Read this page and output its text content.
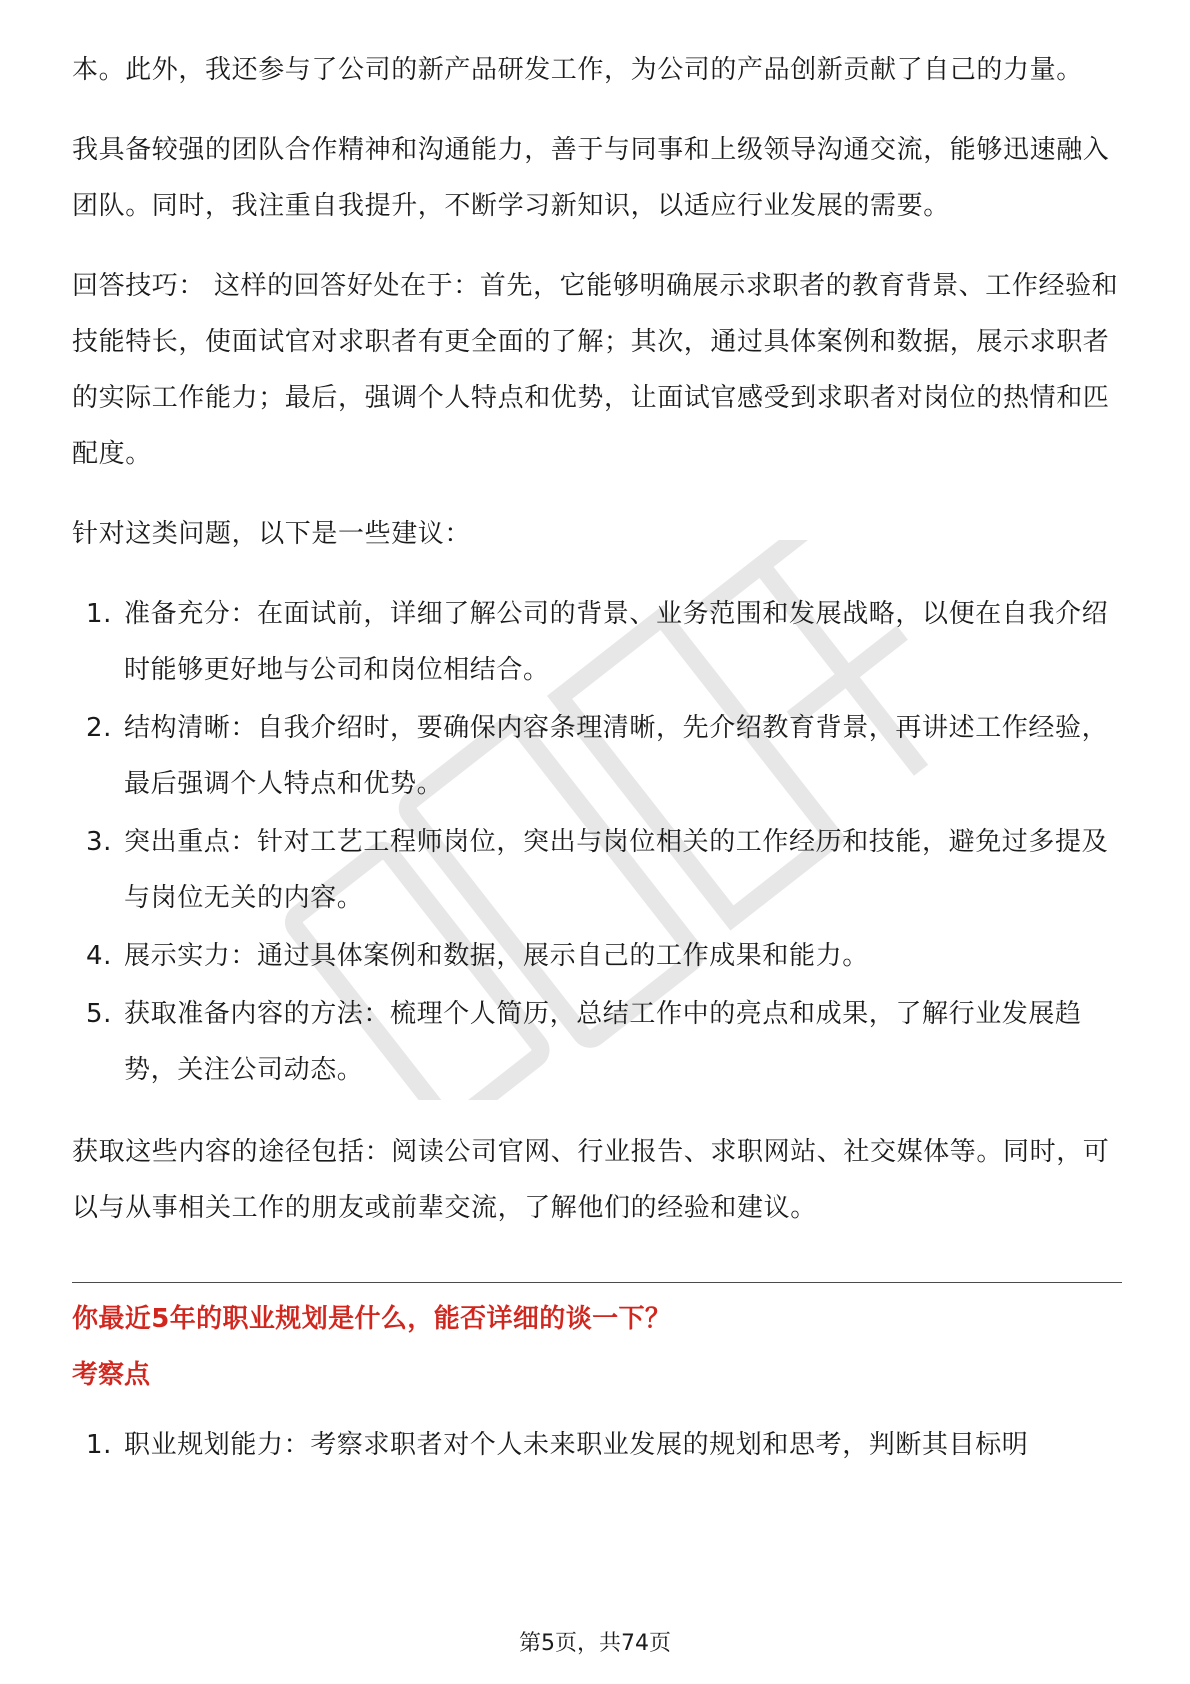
本。此外，我还参与了公司的新产品研发工作，为公司的产品创新贡献了自己的力量。

我具备较强的团队合作精神和沟通能力，善于与同事和上级领导沟通交流，能够迅速融入团队。同时，我注重自我提升，不断学习新知识，以适应行业发展的需要。

回答技巧： 这样的回答好处在于：首先，它能够明确展示求职者的教育背景、工作经验和技能特长，使面试官对求职者有更全面的了解；其次，通过具体案例和数据，展示求职者的实际工作能力；最后，强调个人特点和优势，让面试官感受到求职者对岗位的热情和匹配度。

针对这类问题，以下是一些建议：

1. 准备充分：在面试前，详细了解公司的背景、业务范围和发展战略，以便在自我介绍时能够更好地与公司和岗位相结合。
2. 结构清晰：自我介绍时，要确保内容条理清晰，先介绍教育背景，再讲述工作经验，最后强调个人特点和优势。
3. 突出重点：针对工艺工程师岗位，突出与岗位相关的工作经历和技能，避免过多提及与岗位无关的内容。
4. 展示实力：通过具体案例和数据，展示自己的工作成果和能力。
5. 获取准备内容的方法：梳理个人简历，总结工作中的亮点和成果，了解行业发展趋势，关注公司动态。

获取这些内容的途径包括：阅读公司官网、行业报告、求职网站、社交媒体等。同时，可以与从事相关工作的朋友或前辈交流，了解他们的经验和建议。

你最近5年的职业规划是什么，能否详细的谈一下？

考察点

1. 职业规划能力：考察求职者对个人未来职业发展的规划和思考，判断其目标明
第5页，共74页
